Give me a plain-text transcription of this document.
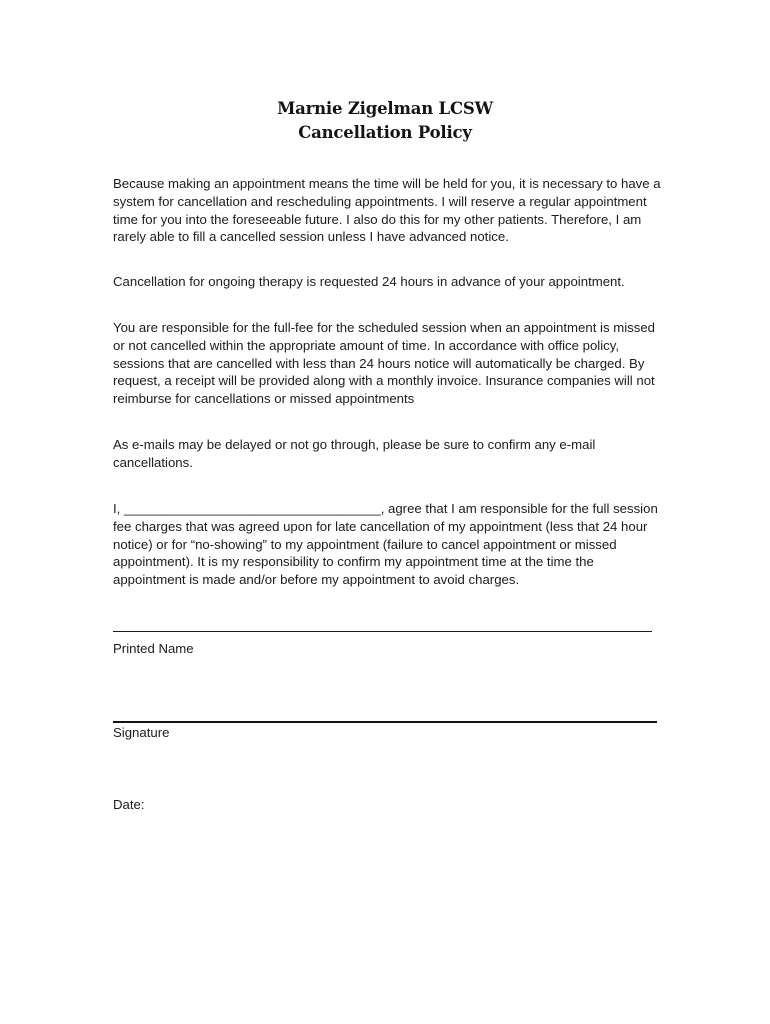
Marnie Zigelman LCSW
Cancellation Policy

Because making an appointment means the time will be held for you, it is necessary to have a system for cancellation and rescheduling appointments. I will reserve a regular appointment time for you into the foreseeable future. I also do this for my other patients. Therefore, I am rarely able to fill a cancelled session unless I have advanced notice.

Cancellation for ongoing therapy is requested 24 hours in advance of your appointment.

You are responsible for the full-fee for the scheduled session when an appointment is missed or not cancelled within the appropriate amount of time. In accordance with office policy, sessions that are cancelled with less than 24 hours notice will automatically be charged. By request, a receipt will be provided along with a monthly invoice. Insurance companies will not reimburse for cancellations or missed appointments

As e-mails may be delayed or not go through, please be sure to confirm any e-mail cancellations.

I, ___________________________________, agree that I am responsible for the full session fee charges that was agreed upon for late cancellation of my appointment (less that 24 hour notice) or for “no-showing” to my appointment (failure to cancel appointment or missed appointment). It is my responsibility to confirm my appointment time at the time the appointment is made and/or before my appointment to avoid charges.

Printed Name
Signature
Date:
